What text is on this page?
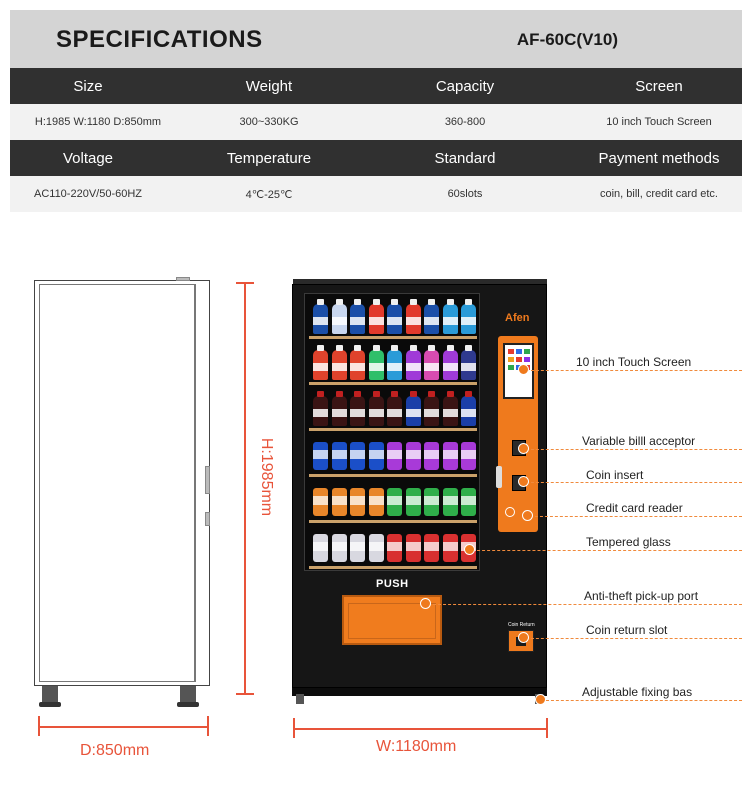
SPECIFICATIONS	AF-60C(V10)
Size	Weight	Capacity	Screen
H:1985 W:1180 D:850mm	300~330KG	360-800	10 inch Touch Screen
Voltage	Temperature	Standard	Payment methods
AC110-220V/50-60HZ	4℃-25℃	60slots	coin, bill, credit card etc.
D:850mm
H:1985mm
PUSH
Afen
Coin Return
W:1180mm
10 inch Touch Screen
Variable billl acceptor
Coin insert
Credit card reader
Tempered glass
Anti-theft pick-up port
Coin return slot
Adjustable fixing bas
